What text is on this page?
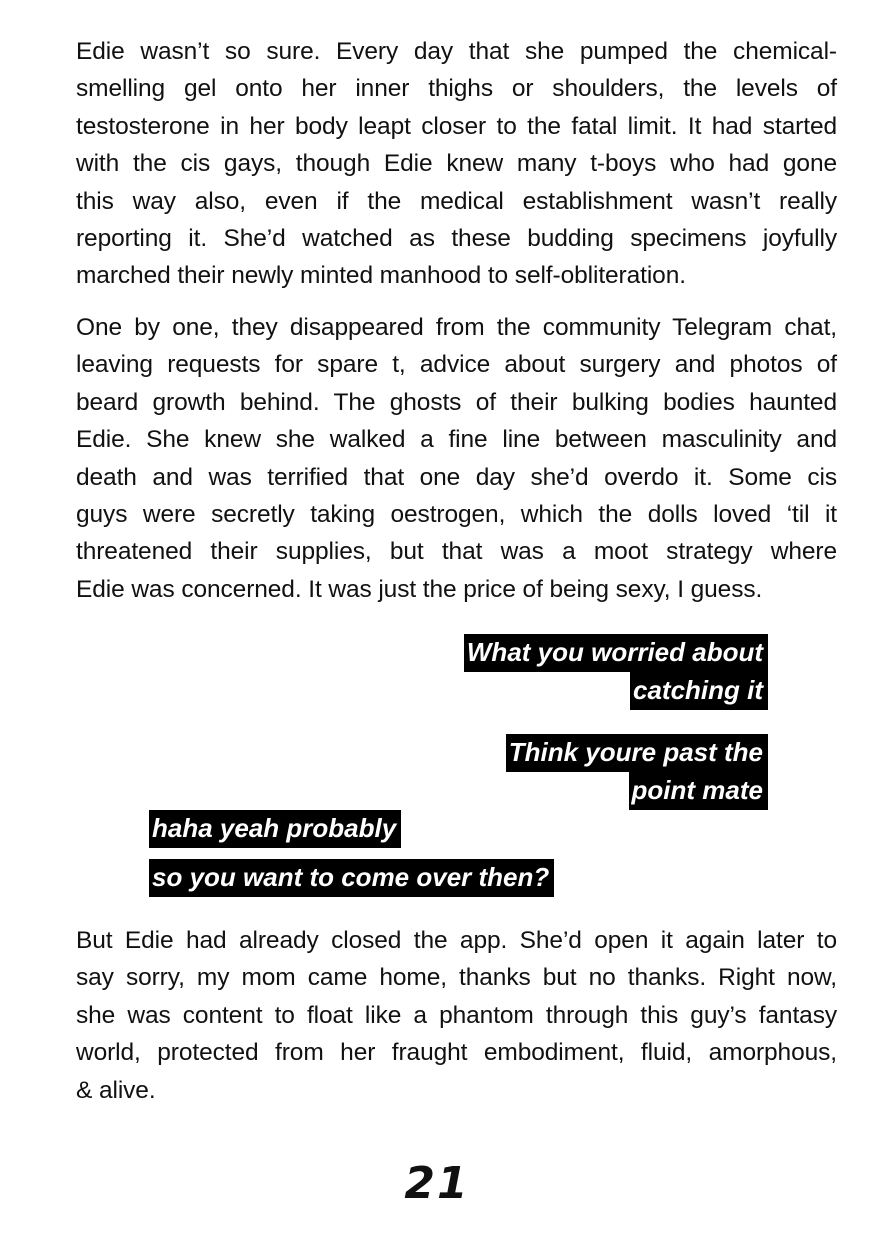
Edie wasn’t so sure. Every day that she pumped the chemical-
smelling gel onto her inner thighs or shoulders, the levels of
testosterone in her body leapt closer to the fatal limit. It had started
with the cis gays, though Edie knew many t-boys who had gone
this way also, even if the medical establishment wasn’t really
reporting it. She’d watched as these budding specimens joyfully
marched their newly minted manhood to self-obliteration.
One by one, they disappeared from the community Telegram chat,
leaving requests for spare t, advice about surgery and photos of
beard growth behind. The ghosts of their bulking bodies haunted
Edie. She knew she walked a fine line between masculinity and
death and was terrified that one day she’d overdo it. Some cis
guys were secretly taking oestrogen, which the dolls loved ‘til it
threatened their supplies, but that was a moot strategy where
Edie was concerned. It was just the price of being sexy, I guess.
What you worried about
catching it
Think youre past the
point mate
haha yeah probably
so you want to come over then?
But Edie had already closed the app. She’d open it again later to
say sorry, my mom came home, thanks but no thanks. Right now,
she was content to float like a phantom through this guy’s fantasy
world, protected from her fraught embodiment, fluid, amorphous,
& alive.
21
